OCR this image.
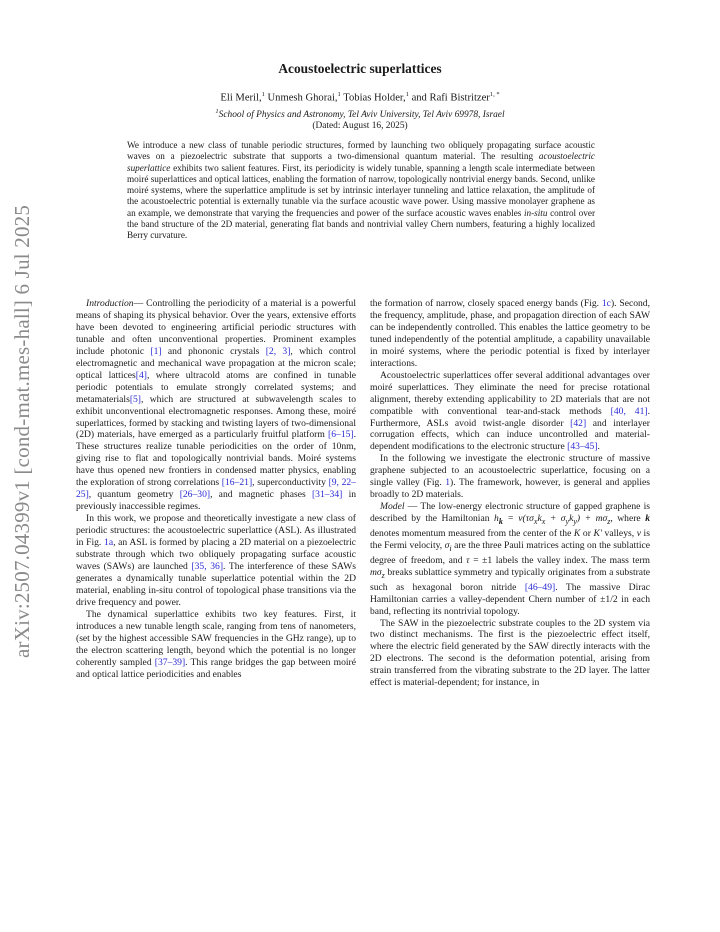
arXiv:2507.04399v1 [cond-mat.mes-hall] 6 Jul 2025
Acoustoelectric superlattices
Eli Meril,$^1$ Unmesh Ghorai,$^1$ Tobias Holder,$^1$ and Rafi Bistritzer$^{1, *}$
$^1$School of Physics and Astronomy, Tel Aviv University, Tel Aviv 69978, Israel
(Dated: August 16, 2025)
We introduce a new class of tunable periodic structures, formed by launching two obliquely propagating surface acoustic waves on a piezoelectric substrate that supports a two-dimensional quantum material. The resulting acoustoelectric superlattice exhibits two salient features. First, its periodicity is widely tunable, spanning a length scale intermediate between moiré superlattices and optical lattices, enabling the formation of narrow, topologically nontrivial energy bands. Second, unlike moiré systems, where the superlattice amplitude is set by intrinsic interlayer tunneling and lattice relaxation, the amplitude of the acoustoelectric potential is externally tunable via the surface acoustic wave power. Using massive monolayer graphene as an example, we demonstrate that varying the frequencies and power of the surface acoustic waves enables in-situ control over the band structure of the 2D material, generating flat bands and nontrivial valley Chern numbers, featuring a highly localized Berry curvature.

Introduction— Controlling the periodicity of a material is a powerful means of shaping its physical behavior. Over the years, extensive efforts have been devoted to engineering artificial periodic structures with tunable and often unconventional properties. Prominent examples include photonic [1] and phononic crystals [2, 3], which control electromagnetic and mechanical wave propagation at the micron scale; optical lattices[4], where ultracold atoms are confined in tunable periodic potentials to emulate strongly correlated systems; and metamaterials[5], which are structured at subwavelength scales to exhibit unconventional electromagnetic responses. Among these, moiré superlattices, formed by stacking and twisting layers of two-dimensional (2D) materials, have emerged as a particularly fruitful platform [6–15]. These structures realize tunable periodicities on the order of 10nm, giving rise to flat and topologically nontrivial bands. Moiré systems have thus opened new frontiers in condensed matter physics, enabling the exploration of strong correlations [16–21], superconductivity [9, 22–25], quantum geometry [26–30], and magnetic phases [31–34] in previously inaccessible regimes.

In this work, we propose and theoretically investigate a new class of periodic structures: the acoustoelectric superlattice (ASL). As illustrated in Fig. 1a, an ASL is formed by placing a 2D material on a piezoelectric substrate through which two obliquely propagating surface acoustic waves (SAWs) are launched [35, 36]. The interference of these SAWs generates a dynamically tunable superlattice potential within the 2D material, enabling in-situ control of topological phase transitions via the drive frequency and power.

The dynamical superlattice exhibits two key features. First, it introduces a new tunable length scale, ranging from tens of nanometers, (set by the highest accessible SAW frequencies in the GHz range), up to the electron scattering length, beyond which the potential is no longer coherently sampled [37–39]. This range bridges the gap between moiré and optical lattice periodicities and enables

the formation of narrow, closely spaced energy bands (Fig. 1c). Second, the frequency, amplitude, phase, and propagation direction of each SAW can be independently controlled. This enables the lattice geometry to be tuned independently of the potential amplitude, a capability unavailable in moiré systems, where the periodic potential is fixed by interlayer interactions.

Acoustoelectric superlattices offer several additional advantages over moiré superlattices. They eliminate the need for precise rotational alignment, thereby extending applicability to 2D materials that are not compatible with conventional tear-and-stack methods [40, 41]. Furthermore, ASLs avoid twist-angle disorder [42] and interlayer corrugation effects, which can induce uncontrolled and material-dependent modifications to the electronic structure [43–45].

In the following we investigate the electronic structure of massive graphene subjected to an acoustoelectric superlattice, focusing on a single valley (Fig. 1). The framework, however, is general and applies broadly to 2D materials.

Model — The low-energy electronic structure of gapped graphene is described by the Hamiltonian $h_k = v(\tau\sigma_xk_x + \sigma_yk_y) + m\sigma_z$, where k denotes momentum measured from the center of the K or K′ valleys, v is the Fermi velocity, $\sigma_i$ are the three Pauli matrices acting on the sublattice degree of freedom, and τ = ±1 labels the valley index. The mass term $m\sigma_z$ breaks sublattice symmetry and typically originates from a substrate such as hexagonal boron nitride [46–49]. The massive Dirac Hamiltonian carries a valley-dependent Chern number of ±1/2 in each band, reflecting its nontrivial topology.

The SAW in the piezoelectric substrate couples to the 2D system via two distinct mechanisms. The first is the piezoelectric effect itself, where the electric field generated by the SAW directly interacts with the 2D electrons. The second is the deformation potential, arising from strain transferred from the vibrating substrate to the 2D layer. The latter effect is material-dependent; for instance, in
